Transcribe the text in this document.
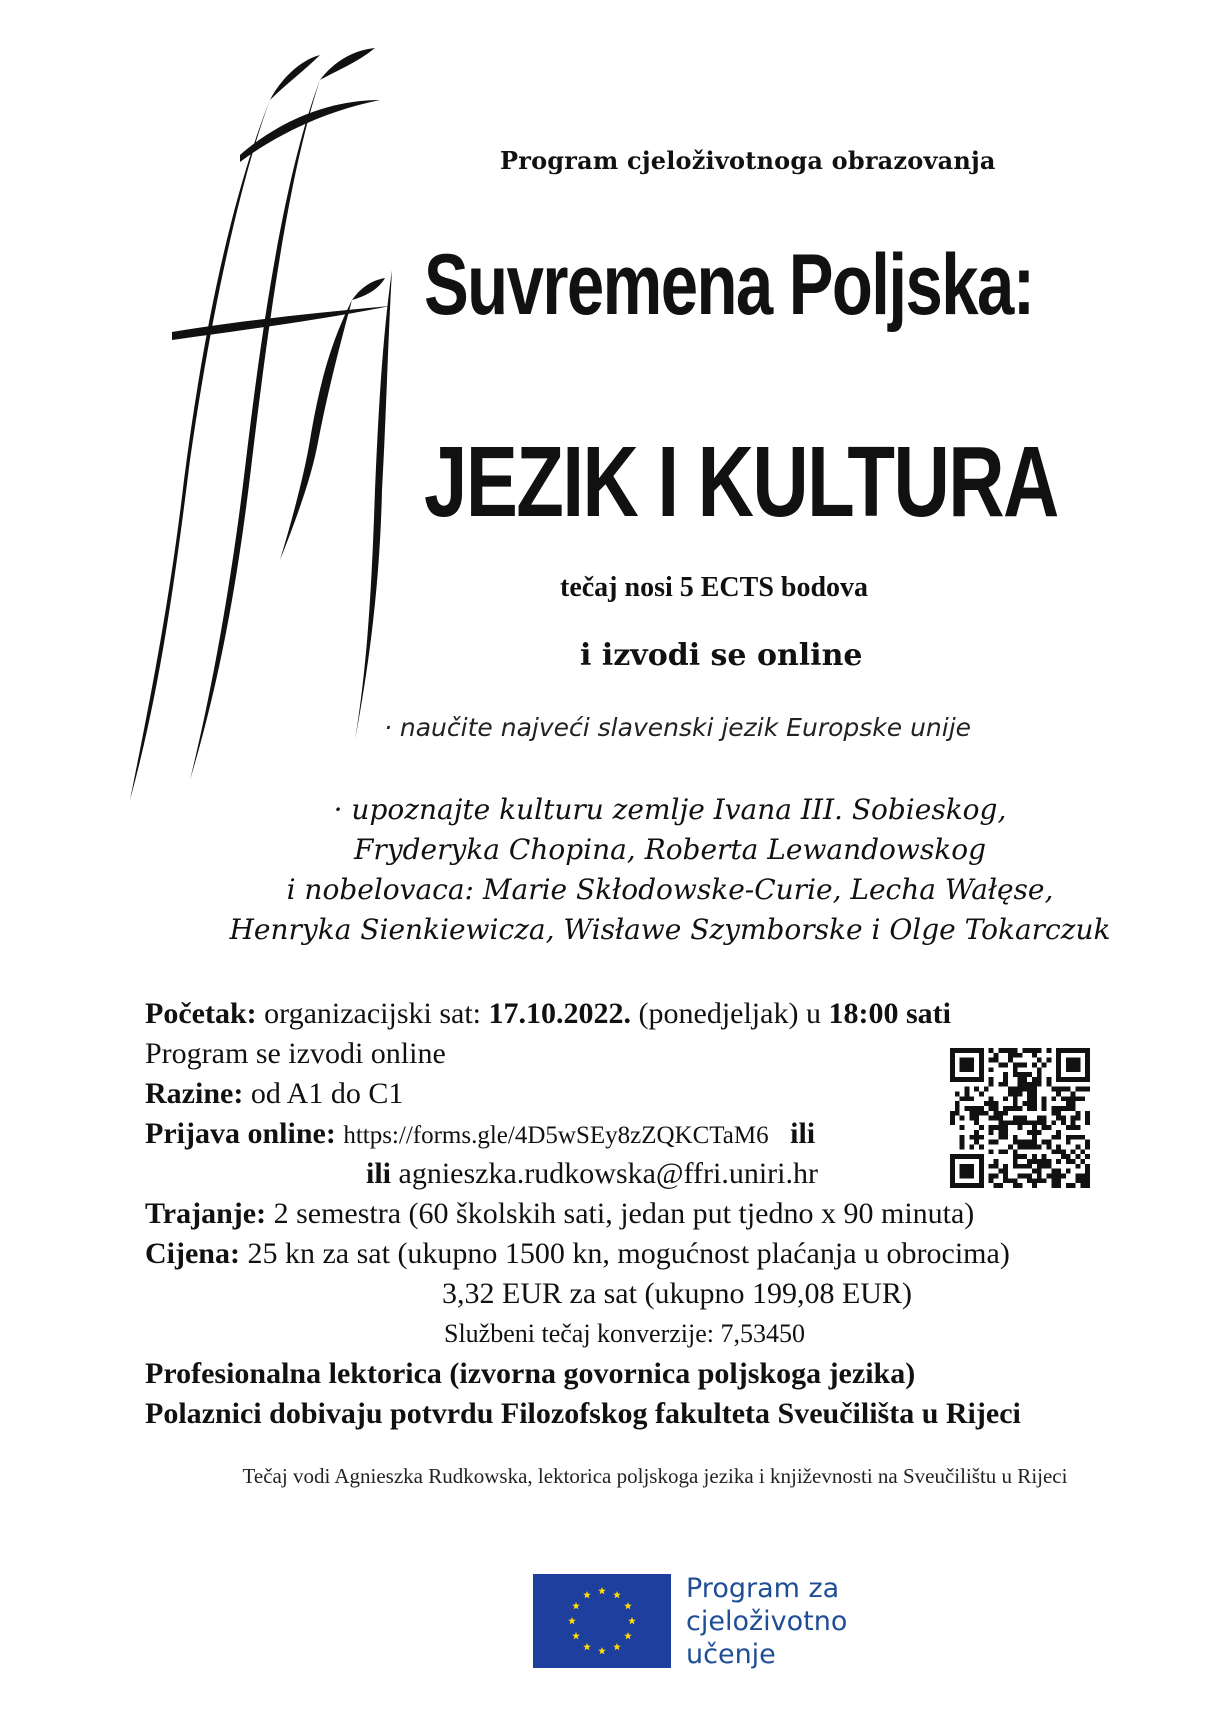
Program cjeloživotnoga obrazovanja
Suvremena Poljska:
JEZIK I KULTURA
tečaj nosi 5 ECTS bodova
i izvodi se online
· naučite najveći slavenski jezik Europske unije
· upoznajte kulturu zemlje Ivana III. Sobieskog,
Fryderyka Chopina, Roberta Lewandowskog
i nobelovaca: Marie Skłodowske-Curie, Lecha Wałęse,
Henryka Sienkiewicza, Wisławe Szymborske i Olge Tokarczuk
Početak: organizacijski sat: 17.10.2022. (ponedjeljak) u 18:00 sati
Program se izvodi online
Razine: od A1 do C1
Prijava online: https://forms.gle/4D5wSEy8zZQKCTaM6 ili
ili agnieszka.rudkowska@ffri.uniri.hr
Trajanje: 2 semestra (60 školskih sati, jedan put tjedno x 90 minuta)
Cijena: 25 kn za sat (ukupno 1500 kn, mogućnost plaćanja u obrocima)
3,32 EUR za sat (ukupno 199,08 EUR)
Službeni tečaj konverzije: 7,53450
Profesionalna lektorica (izvorna govornica poljskoga jezika)
Polaznici dobivaju potvrdu Filozofskog fakulteta Sveučilišta u Rijeci
Tečaj vodi Agnieszka Rudkowska, lektorica poljskoga jezika i književnosti na Sveučilištu u Rijeci
Program za
cjeloživotno
učenje
